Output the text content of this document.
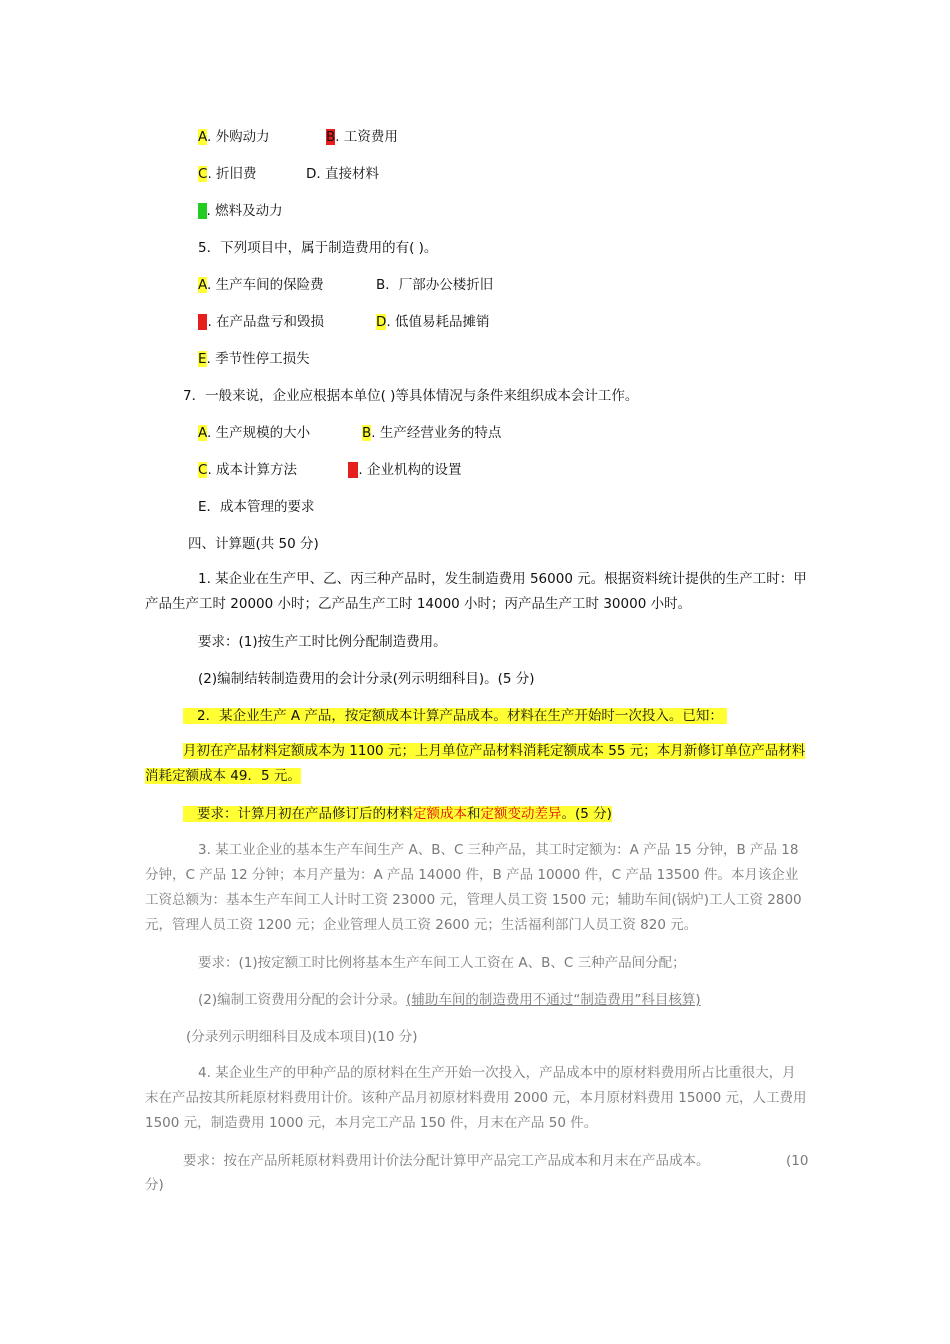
A. 外购动力	B. 工资费用
C. 折旧费	D. 直接材料
E. 燃料及动力
5．下列项目中，属于制造费用的有( )。
A. 生产车间的保险费	B．厂部办公楼折旧
C. 在产品盘亏和毁损	D. 低值易耗品摊销
E. 季节性停工损失
7．一般来说，企业应根据本单位( )等具体情况与条件来组织成本会计工作。
A. 生产规模的大小	B. 生产经营业务的特点
C. 成本计算方法	D. 企业机构的设置
E．成本管理的要求
四、计算题(共 50 分)
1. 某企业在生产甲、乙、丙三种产品时，发生制造费用 56000 元。根据资料统计提供的生产工时：甲产品生产工时 20000 小时；乙产品生产工时 14000 小时；丙产品生产工时 30000 小时。
要求：(1)按生产工时比例分配制造费用。
(2)编制结转制造费用的会计分录(列示明细科目)。(5 分)
2．某企业生产 A 产品，按定额成本计算产品成本。材料在生产开始时一次投入。已知：
月初在产品材料定额成本为 1100 元；上月单位产品材料消耗定额成本 55 元；本月新修订单位产品材料消耗定额成本 49．5 元。
要求：计算月初在产品修订后的材料定额成本和定额变动差异。(5 分)
3. 某工业企业的基本生产车间生产 A、B、C 三种产品，其工时定额为：A 产品 15 分钟，B 产品 18 分钟，C 产品 12 分钟；本月产量为：A 产品 14000 件，B 产品 10000 件，C 产品 13500 件。本月该企业工资总额为：基本生产车间工人计时工资 23000 元，管理人员工资 1500 元；辅助车间(锅炉)工人工资 2800 元，管理人员工资 1200 元；企业管理人员工资 2600 元；生活福利部门人员工资 820 元。
要求：(1)按定额工时比例将基本生产车间工人工资在 A、B、C 三种产品间分配；
(2)编制工资费用分配的会计分录。(辅助车间的制造费用不通过“制造费用”科目核算)
(分录列示明细科目及成本项目)(10 分)
4. 某企业生产的甲种产品的原材料在生产开始一次投入，产品成本中的原材料费用所占比重很大，月末在产品按其所耗原材料费用计价。该种产品月初原材料费用 2000 元，本月原材料费用 15000 元，人工费用 1500 元，制造费用 1000 元，本月完工产品 150 件，月末在产品 50 件。
要求：按在产品所耗原材料费用计价法分配计算甲产品完工产品成本和月末在产品成本。	(10
分)
